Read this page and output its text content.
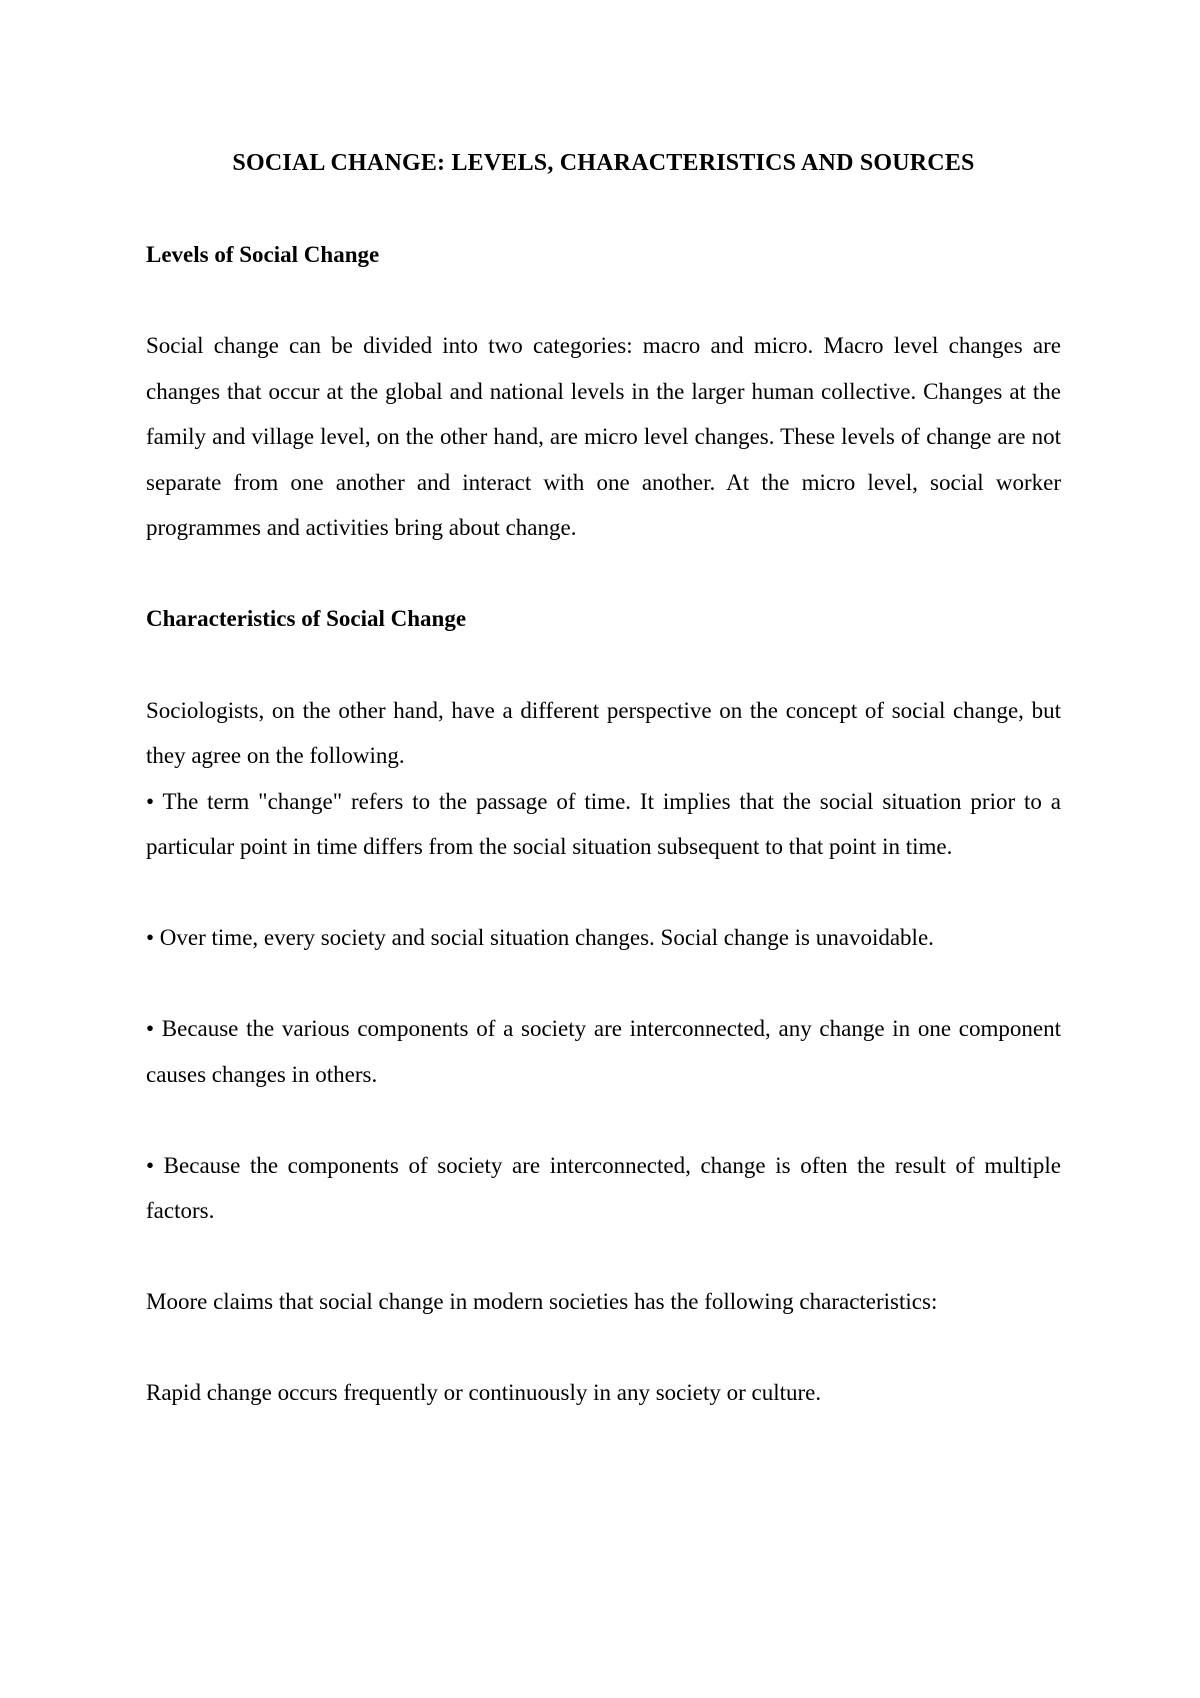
SOCIAL CHANGE: LEVELS, CHARACTERISTICS AND SOURCES
Levels of Social Change

Social change can be divided into two categories: macro and micro. Macro level changes are changes that occur at the global and national levels in the larger human collective. Changes at the family and village level, on the other hand, are micro level changes. These levels of change are not separate from one another and interact with one another. At the micro level, social worker programmes and activities bring about change.

Characteristics of Social Change

Sociologists, on the other hand, have a different perspective on the concept of social change, but they agree on the following.

• The term "change" refers to the passage of time. It implies that the social situation prior to a particular point in time differs from the social situation subsequent to that point in time.

• Over time, every society and social situation changes. Social change is unavoidable.

• Because the various components of a society are interconnected, any change in one component causes changes in others.

• Because the components of society are interconnected, change is often the result of multiple factors.

Moore claims that social change in modern societies has the following characteristics:

Rapid change occurs frequently or continuously in any society or culture.
